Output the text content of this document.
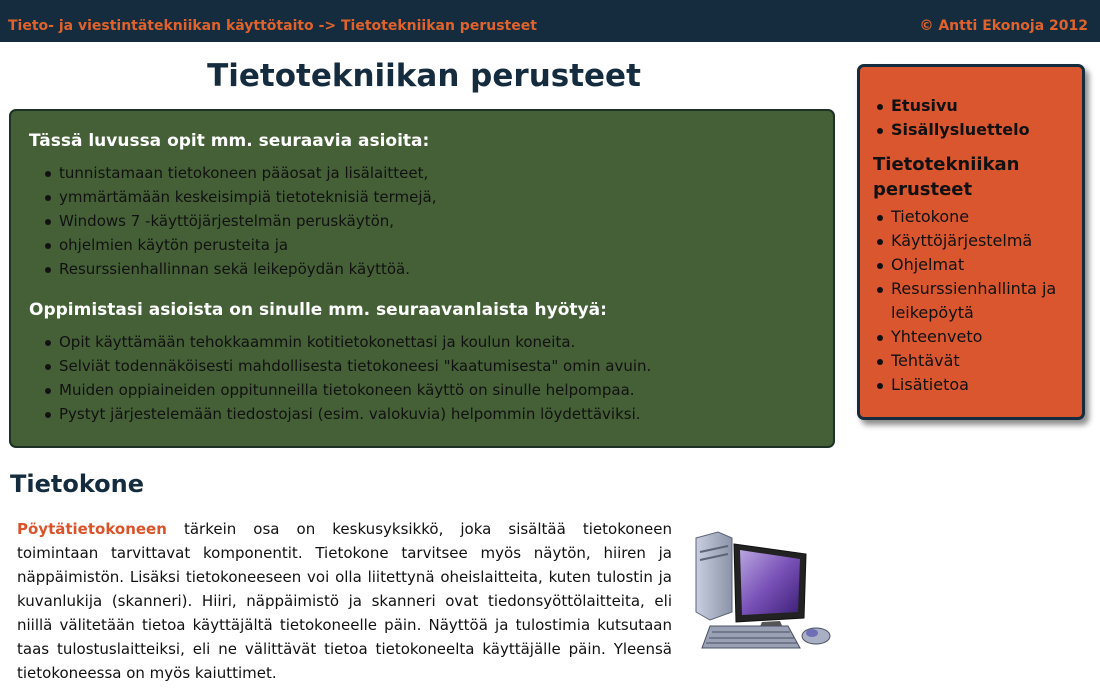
Tieto- ja viestintätekniikan käyttötaito -> Tietotekniikan perusteet	© Antti Ekonoja 2012
Tietotekniikan perusteet
Tässä luvussa opit mm. seuraavia asioita:
tunnistamaan tietokoneen pääosat ja lisälaitteet,
ymmärtämään keskeisimpiä tietoteknisiä termejä,
Windows 7 -käyttöjärjestelmän peruskäytön,
ohjelmien käytön perusteita ja
Resurssienhallinnan sekä leikepöydän käyttöä.
Oppimistasi asioista on sinulle mm. seuraavanlaista hyötyä:
Opit käyttämään tehokkaammin kotitietokonettasi ja koulun koneita.
Selviät todennäköisesti mahdollisesta tietokoneesi "kaatumisesta" omin avuin.
Muiden oppiaineiden oppitunneilla tietokoneen käyttö on sinulle helpompaa.
Pystyt järjestelemään tiedostojasi (esim. valokuvia) helpommin löydettäviksi.
Tietokone

Pöytätietokoneen tärkein osa on keskusyksikkö, joka sisältää tietokoneen toimintaan tarvittavat komponentit. Tietokone tarvitsee myös näytön, hiiren ja näppäimistön. Lisäksi tietokoneeseen voi olla liitettynä oheislaitteita, kuten tulostin ja kuvanlukija (skanneri). Hiiri, näppäimistö ja skanneri ovat tiedonsyöttölaitteita, eli niillä välitetään tietoa käyttäjältä tietokoneelle päin. Näyttöä ja tulostimia kutsutaan taas tulostuslaitteiksi, eli ne välittävät tietoa tietokoneelta käyttäjälle päin. Yleensä tietokoneessa on myös kaiuttimet.

Etusivu
Sisällysluettelo
Tietotekniikan perusteet
Tietokone
Käyttöjärjestelmä
Ohjelmat
Resurssienhallinta ja leikepöytä
Yhteenveto
Tehtävät
Lisätietoa
